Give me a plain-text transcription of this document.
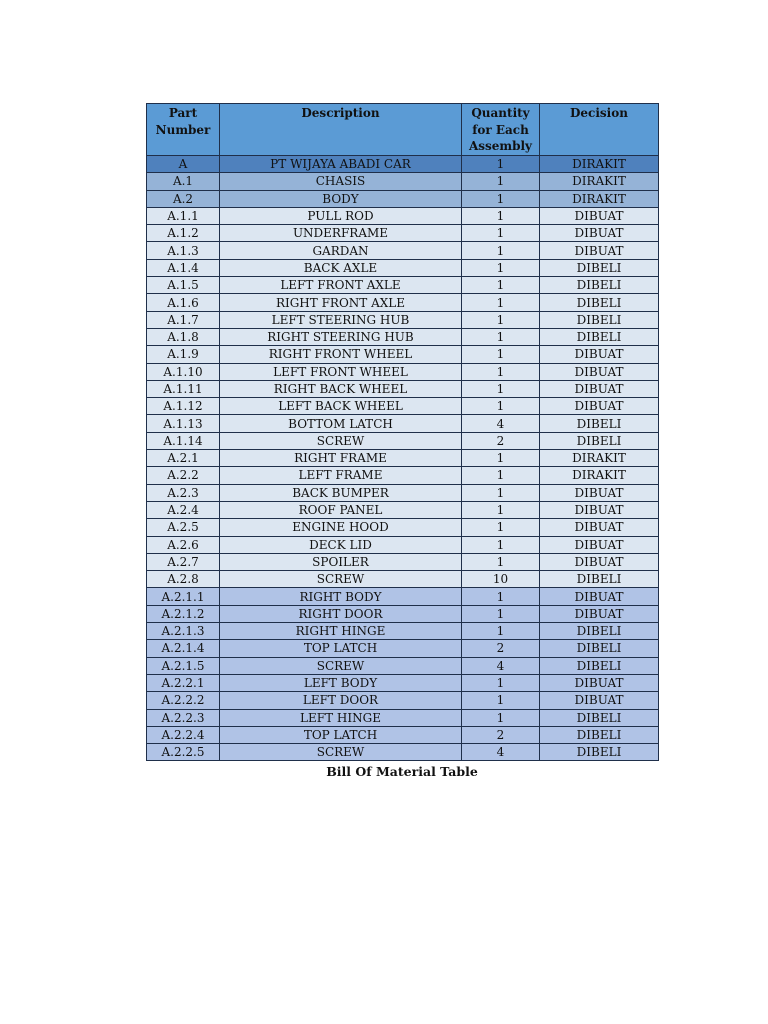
Part Number	Description	Quantity for Each Assembly	Decision
A	PT WIJAYA ABADI CAR	1	DIRAKIT
A.1	CHASIS	1	DIRAKIT
A.2	BODY	1	DIRAKIT
A.1.1	PULL ROD	1	DIBUAT
A.1.2	UNDERFRAME	1	DIBUAT
A.1.3	GARDAN	1	DIBUAT
A.1.4	BACK AXLE	1	DIBELI
A.1.5	LEFT FRONT AXLE	1	DIBELI
A.1.6	RIGHT FRONT AXLE	1	DIBELI
A.1.7	LEFT STEERING HUB	1	DIBELI
A.1.8	RIGHT STEERING HUB	1	DIBELI
A.1.9	RIGHT FRONT WHEEL	1	DIBUAT
A.1.10	LEFT FRONT WHEEL	1	DIBUAT
A.1.11	RIGHT BACK WHEEL	1	DIBUAT
A.1.12	LEFT BACK WHEEL	1	DIBUAT
A.1.13	BOTTOM LATCH	4	DIBELI
A.1.14	SCREW	2	DIBELI
A.2.1	RIGHT FRAME	1	DIRAKIT
A.2.2	LEFT FRAME	1	DIRAKIT
A.2.3	BACK BUMPER	1	DIBUAT
A.2.4	ROOF PANEL	1	DIBUAT
A.2.5	ENGINE HOOD	1	DIBUAT
A.2.6	DECK LID	1	DIBUAT
A.2.7	SPOILER	1	DIBUAT
A.2.8	SCREW	10	DIBELI
A.2.1.1	RIGHT BODY	1	DIBUAT
A.2.1.2	RIGHT DOOR	1	DIBUAT
A.2.1.3	RIGHT HINGE	1	DIBELI
A.2.1.4	TOP LATCH	2	DIBELI
A.2.1.5	SCREW	4	DIBELI
A.2.2.1	LEFT BODY	1	DIBUAT
A.2.2.2	LEFT DOOR	1	DIBUAT
A.2.2.3	LEFT HINGE	1	DIBELI
A.2.2.4	TOP LATCH	2	DIBELI
A.2.2.5	SCREW	4	DIBELI
Bill Of Material Table
